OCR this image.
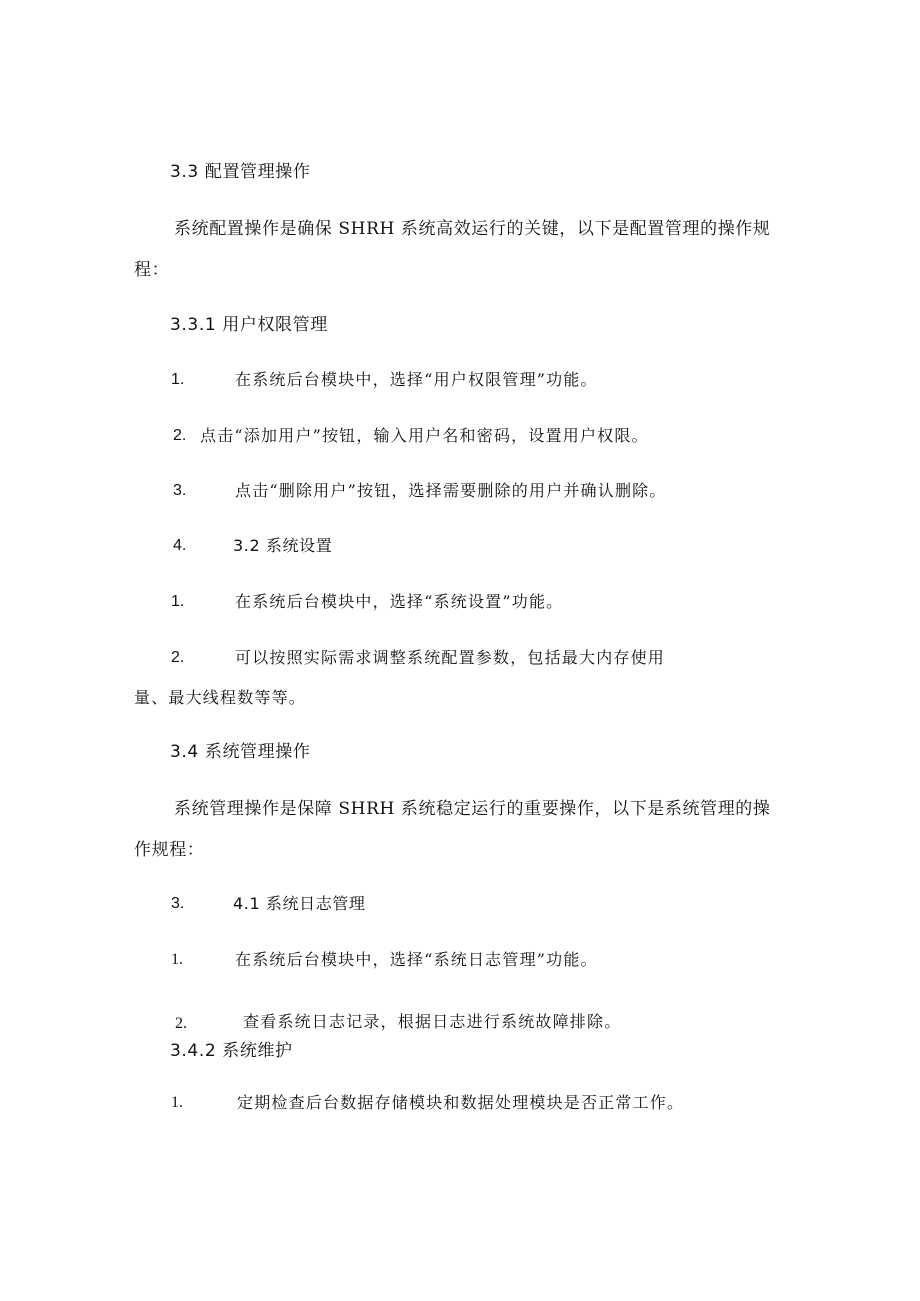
3.3 配置管理操作
系统配置操作是确保 SHRH 系统高效运行的关键，以下是配置管理的操作规
程：
3.3.1 用户权限管理
1.	在系统后台模块中，选择“用户权限管理”功能。
2. 点击“添加用户”按钮，输入用户名和密码，设置用户权限。
3.	点击“删除用户”按钮，选择需要删除的用户并确认删除。
4.	3.2 系统设置
1.	在系统后台模块中，选择“系统设置”功能。
2.	可以按照实际需求调整系统配置参数，包括最大内存使用
量、最大线程数等等。
3.4 系统管理操作
系统管理操作是保障 SHRH 系统稳定运行的重要操作，以下是系统管理的操
作规程：
3.	4.1 系统日志管理
1.	在系统后台模块中，选择“系统日志管理”功能。
2.	查看系统日志记录，根据日志进行系统故障排除。
3.4.2 系统维护
1.	定期检查后台数据存储模块和数据处理模块是否正常工作。
